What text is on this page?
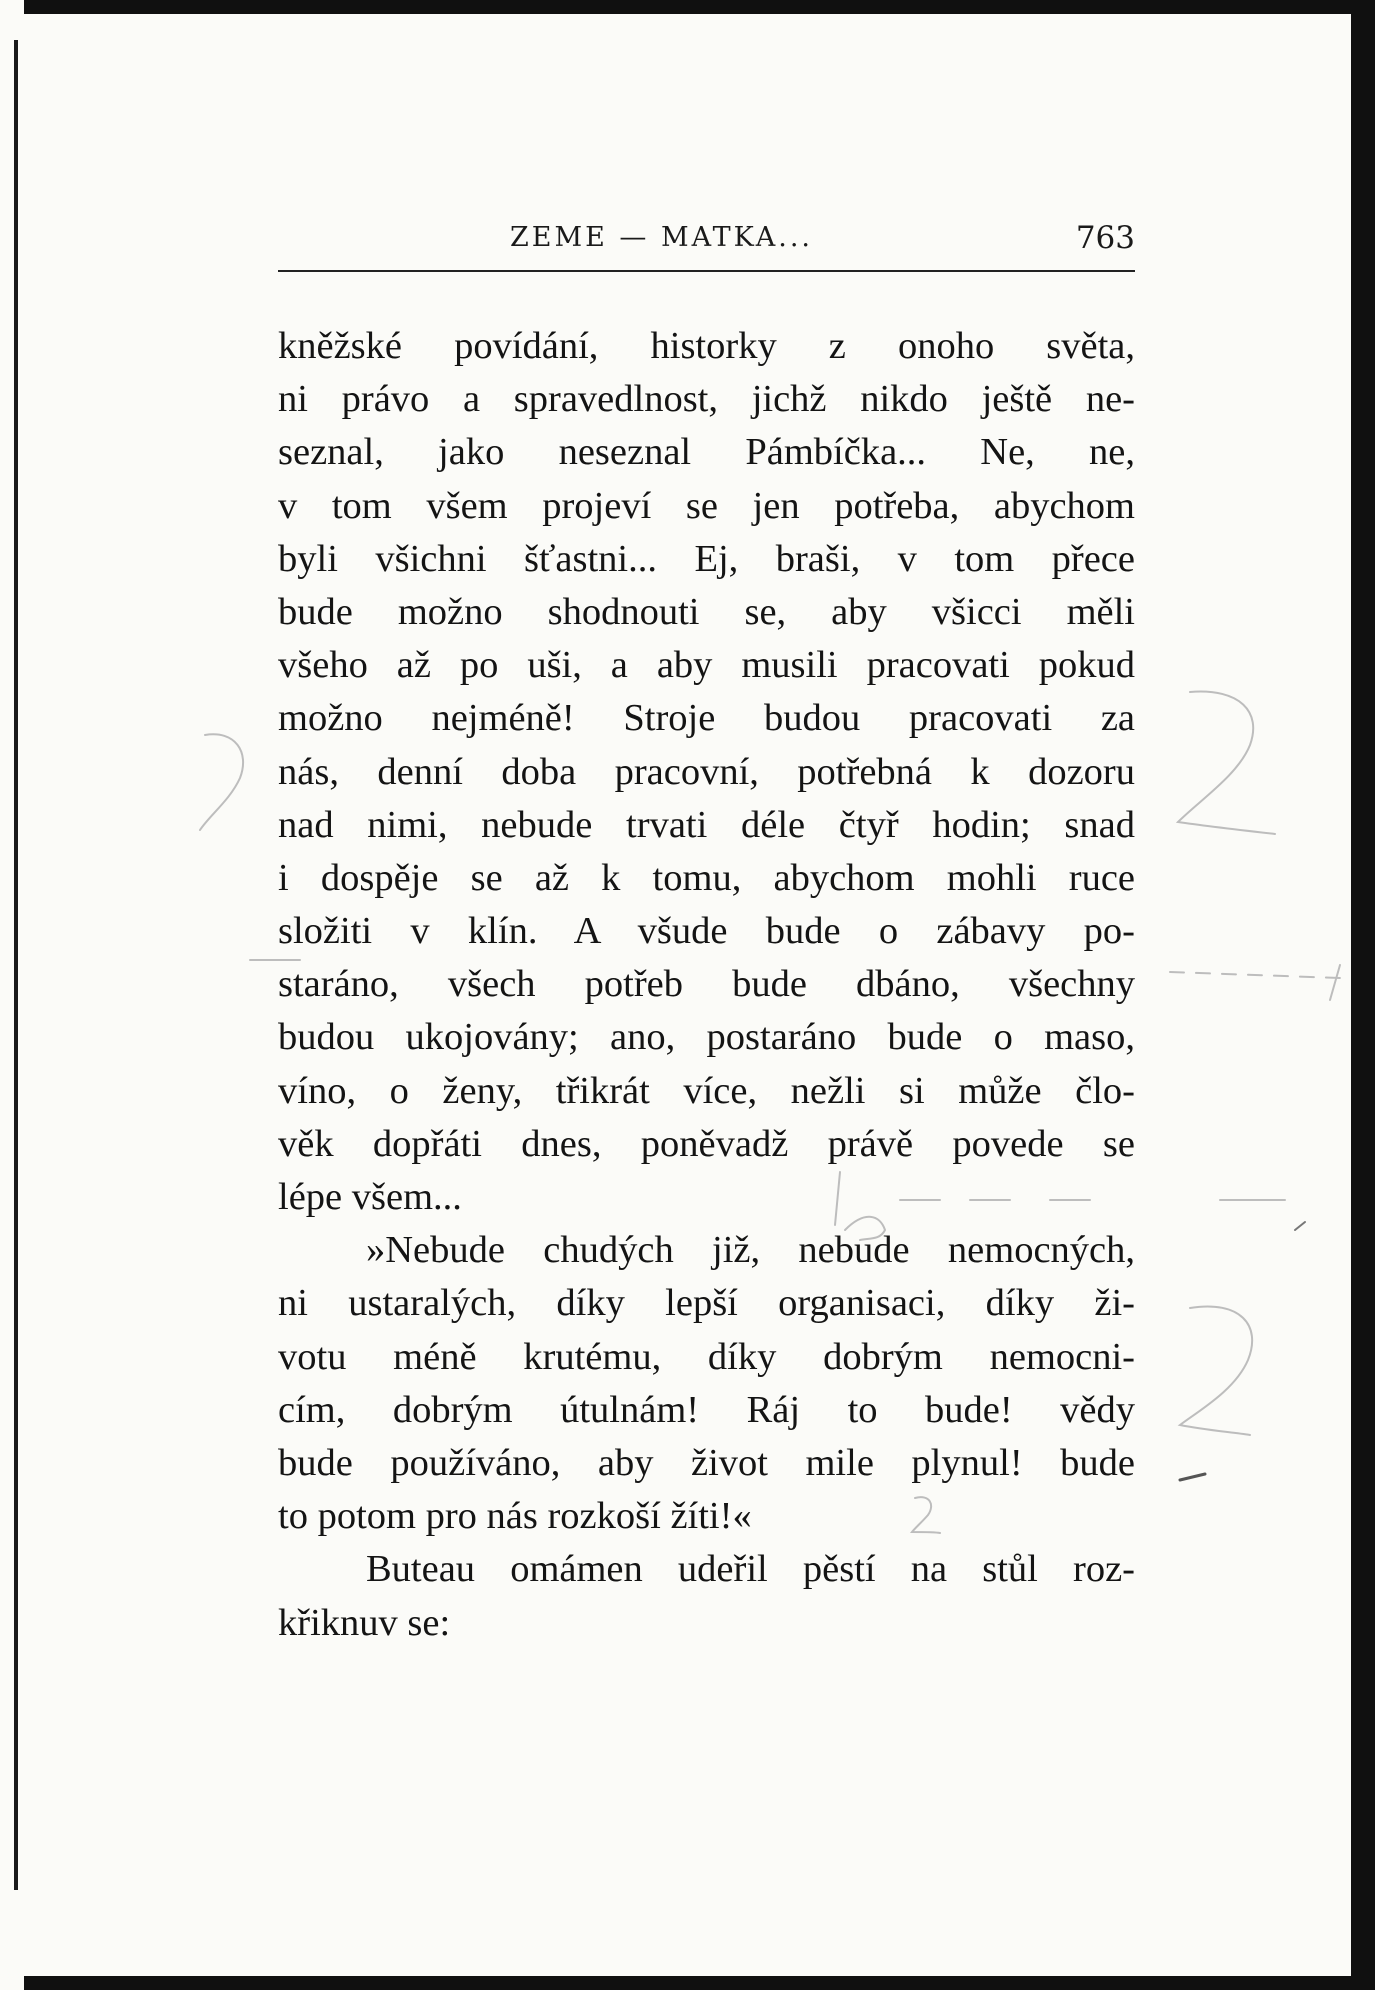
ZEME — MATKA...	763
kněžské povídání, historky z onoho světa,
ni právo a spravedlnost, jichž nikdo ještě ne-
seznal, jako neseznal Pámbíčka... Ne, ne,
v tom všem projeví se jen potřeba, abychom
byli všichni šťastni... Ej, braši, v tom přece
bude možno shodnouti se, aby všicci měli
všeho až po uši, a aby musili pracovati pokud
možno nejméně! Stroje budou pracovati za
nás, denní doba pracovní, potřebná k dozoru
nad nimi, nebude trvati déle čtyř hodin; snad
i dospěje se až k tomu, abychom mohli ruce
složiti v klín. A všude bude o zábavy po-
staráno, všech potřeb bude dbáno, všechny
budou ukojovány; ano, postaráno bude o maso,
víno, o ženy, třikrát více, nežli si může člo-
věk dopřáti dnes, poněvadž právě povede se
lépe všem...
»Nebude chudých již, nebude nemocných,
ni ustaralých, díky lepší organisaci, díky ži-
votu méně krutému, díky dobrým nemocni-
cím, dobrým útulnám! Ráj to bude! vědy
bude používáno, aby život mile plynul! bude
to potom pro nás rozkoší žíti!«
Buteau omámen udeřil pěstí na stůl roz-
křiknuv se:
